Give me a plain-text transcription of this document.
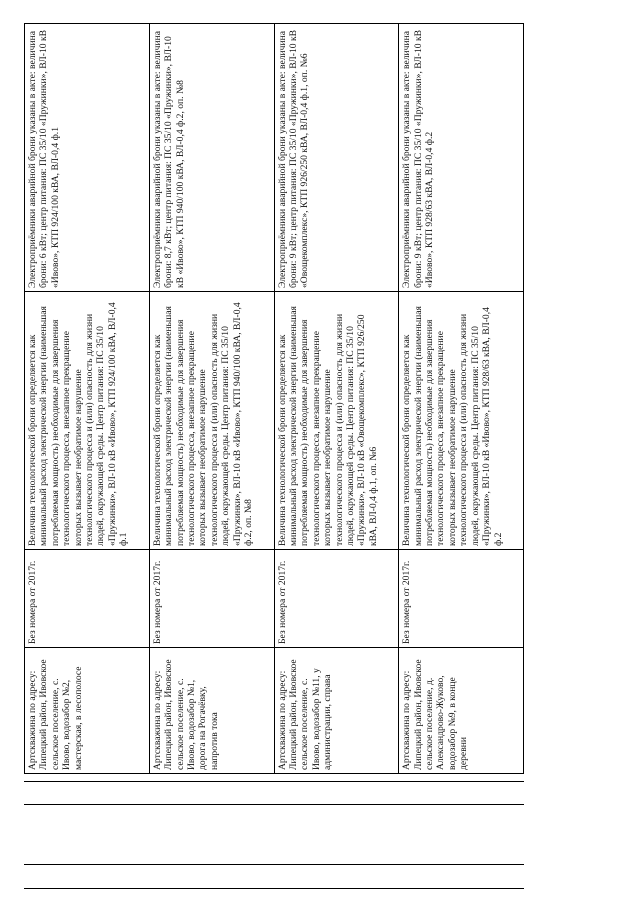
Артскважина по адресу: Липецкий район, Ивовское сельское поселение, с. Ивово, водозабор №2, мастерская, в лесополосе	Без номера от 2017г.	Величина технологической брони определяется как минимальный расход электрической энергии (наименьшая потребляемая мощность) необходимые для завершения технологического процесса, внезапное прекращение которых вызывает необратимое нарушение технологического процесса и (или) опасность для жизни людей, окружающей среды. Центр питания: ПС 35/10 «Пружинки», ВЛ-10 кВ «Ивово», КТП 924/100 кВА, ВЛ-0,4 ф.1	Электроприёмники аварийной брони указаны в акте: величина брони: 6 кВт; центр питания: ПС 35/10 «Пружинки», ВЛ-10 кВ «Ивово», КТП 924/100 кВА, ВЛ-0,4 ф.1
Артскважина по адресу: Липецкий район, Ивовское сельское поселение, с. Ивово, водозабор №1, дорога на Рогачёвку, напротив тока	Без номера от 2017г.	Величина технологической брони определяется как минимальный расход электрической энергии (наименьшая потребляемая мощность) необходимые для завершения технологического процесса, внезапное прекращение которых вызывает необратимое нарушение технологического процесса и (или) опасность для жизни людей, окружающей среды. Центр питания: ПС 35/10 «Пружинки», ВЛ-10 кВ «Ивово», КТП 940/100 кВА, ВЛ-0,4 ф.2, оп. №8	Электроприёмники аварийной брони указаны в акте: величина брони: 8,7 кВт; центр питания: ПС 35/10 «Пружинки», ВЛ-10 кВ «Ивово», КТП 940/100 кВА, ВЛ-0,4 ф.2, оп. №8
Артскважина по адресу: Липецкий район, Ивовское сельское поселение, с. Ивово, водозабор №11, у администрации, справа	Без номера от 2017г.	Величина технологической брони определяется как минимальный расход электрической энергии (наименьшая потребляемая мощность) необходимые для завершения технологического процесса, внезапное прекращение которых вызывает необратимое нарушение технологического процесса и (или) опасность для жизни людей, окружающей среды. Центр питания: ПС 35/10 «Пружинки», ВЛ-10 кВ «Овощекомплекс», КТП 926/250 кВА, ВЛ-0,4 ф.1, оп. №6	Электроприёмники аварийной брони указаны в акте: величина брони: 9 кВт; центр питания: ПС 35/10 «Пружинки», ВЛ-10 кВ «Овощекомплекс», КТП 926/250 кВА, ВЛ-0,4 ф.1, оп. №6
Артскважина по адресу: Липецкий район, Ивовское сельское поселение, д. Александрово-Жуково, водозабор №9, в конце деревни	Без номера от 2017г.	Величина технологической брони определяется как минимальный расход электрической энергии (наименьшая потребляемая мощность) необходимые для завершения технологического процесса, внезапное прекращение которых вызывает необратимое нарушение технологического процесса и (или) опасность для жизни людей, окружающей среды. Центр питания: ПС 35/10 «Пружинки», ВЛ-10 кВ «Ивово», КТП 928/63 кВА, ВЛ-0,4 ф.2	Электроприёмники аварийной брони указаны в акте: величина брони: 9 кВт; центр питания: ПС 35/10 «Пружинки», ВЛ-10 кВ «Ивово», КТП 928/63 кВА, ВЛ-0,4 ф.2
